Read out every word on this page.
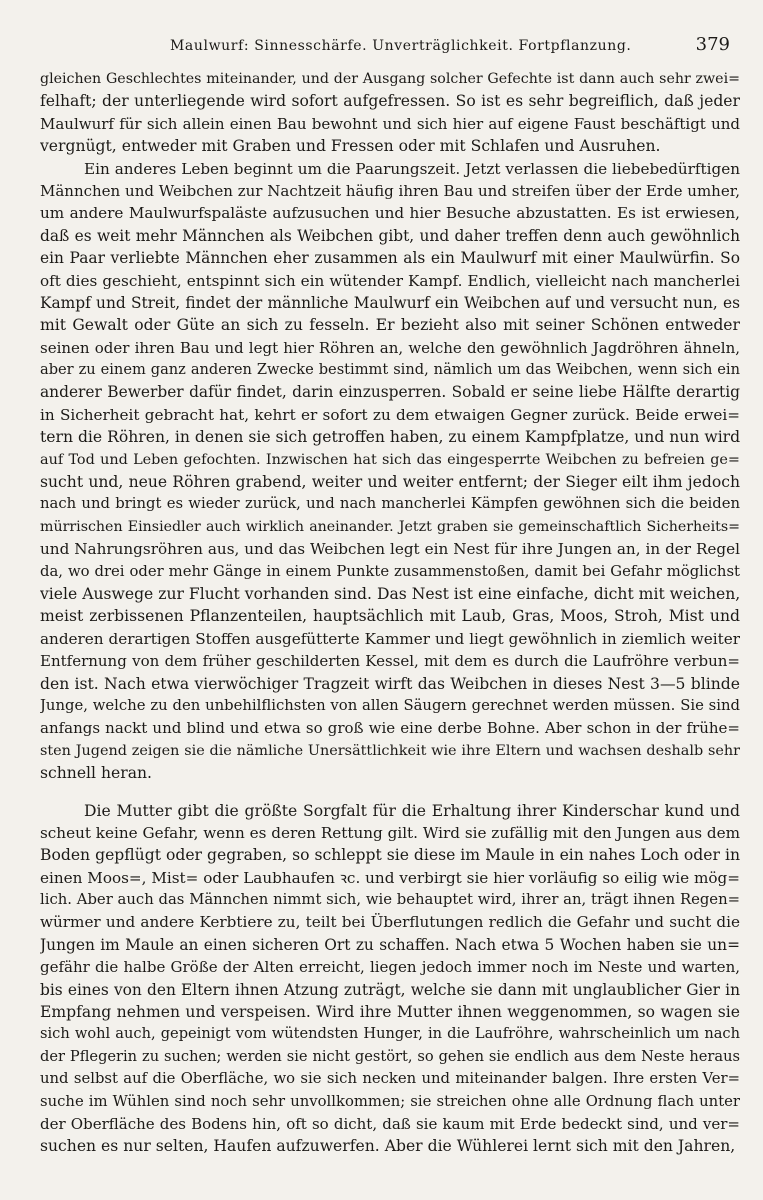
Maulwurf: Sinnesschärfe. Unverträglichkeit. Fortpflanzung.	379
gleichen Geschlechtes miteinander, und der Ausgang solcher Gefechte ist dann auch sehr zwei=
felhaft; der unterliegende wird sofort aufgefressen. So ist es sehr begreiflich, daß jeder
Maulwurf für sich allein einen Bau bewohnt und sich hier auf eigene Faust beschäftigt und
vergnügt, entweder mit Graben und Fressen oder mit Schlafen und Ausruhen.
Ein anderes Leben beginnt um die Paarungszeit. Jetzt verlassen die liebebedürftigen
Männchen und Weibchen zur Nachtzeit häufig ihren Bau und streifen über der Erde umher,
um andere Maulwurfspaläste aufzusuchen und hier Besuche abzustatten. Es ist erwiesen,
daß es weit mehr Männchen als Weibchen gibt, und daher treffen denn auch gewöhnlich
ein Paar verliebte Männchen eher zusammen als ein Maulwurf mit einer Maulwürfin. So
oft dies geschieht, entspinnt sich ein wütender Kampf. Endlich, vielleicht nach mancherlei
Kampf und Streit, findet der männliche Maulwurf ein Weibchen auf und versucht nun, es
mit Gewalt oder Güte an sich zu fesseln. Er bezieht also mit seiner Schönen entweder
seinen oder ihren Bau und legt hier Röhren an, welche den gewöhnlich Jagdröhren ähneln,
aber zu einem ganz anderen Zwecke bestimmt sind, nämlich um das Weibchen, wenn sich ein
anderer Bewerber dafür findet, darin einzusperren. Sobald er seine liebe Hälfte derartig
in Sicherheit gebracht hat, kehrt er sofort zu dem etwaigen Gegner zurück. Beide erwei=
tern die Röhren, in denen sie sich getroffen haben, zu einem Kampfplatze, und nun wird
auf Tod und Leben gefochten. Inzwischen hat sich das eingesperrte Weibchen zu befreien ge=
sucht und, neue Röhren grabend, weiter und weiter entfernt; der Sieger eilt ihm jedoch
nach und bringt es wieder zurück, und nach mancherlei Kämpfen gewöhnen sich die beiden
mürrischen Einsiedler auch wirklich aneinander. Jetzt graben sie gemeinschaftlich Sicherheits=
und Nahrungsröhren aus, und das Weibchen legt ein Nest für ihre Jungen an, in der Regel
da, wo drei oder mehr Gänge in einem Punkte zusammenstoßen, damit bei Gefahr möglichst
viele Auswege zur Flucht vorhanden sind. Das Nest ist eine einfache, dicht mit weichen,
meist zerbissenen Pflanzenteilen, hauptsächlich mit Laub, Gras, Moos, Stroh, Mist und
anderen derartigen Stoffen ausgefütterte Kammer und liegt gewöhnlich in ziemlich weiter
Entfernung von dem früher geschilderten Kessel, mit dem es durch die Laufröhre verbun=
den ist. Nach etwa vierwöchiger Tragzeit wirft das Weibchen in dieses Nest 3—5 blinde
Junge, welche zu den unbehilflichsten von allen Säugern gerechnet werden müssen. Sie sind
anfangs nackt und blind und etwa so groß wie eine derbe Bohne. Aber schon in der frühe=
sten Jugend zeigen sie die nämliche Unersättlichkeit wie ihre Eltern und wachsen deshalb sehr
schnell heran.
Die Mutter gibt die größte Sorgfalt für die Erhaltung ihrer Kinderschar kund und
scheut keine Gefahr, wenn es deren Rettung gilt. Wird sie zufällig mit den Jungen aus dem
Boden gepflügt oder gegraben, so schleppt sie diese im Maule in ein nahes Loch oder in
einen Moos=, Mist= oder Laubhaufen ꝛc. und verbirgt sie hier vorläufig so eilig wie mög=
lich. Aber auch das Männchen nimmt sich, wie behauptet wird, ihrer an, trägt ihnen Regen=
würmer und andere Kerbtiere zu, teilt bei Überflutungen redlich die Gefahr und sucht die
Jungen im Maule an einen sicheren Ort zu schaffen. Nach etwa 5 Wochen haben sie un=
gefähr die halbe Größe der Alten erreicht, liegen jedoch immer noch im Neste und warten,
bis eines von den Eltern ihnen Atzung zuträgt, welche sie dann mit unglaublicher Gier in
Empfang nehmen und verspeisen. Wird ihre Mutter ihnen weggenommen, so wagen sie
sich wohl auch, gepeinigt vom wütendsten Hunger, in die Laufröhre, wahrscheinlich um nach
der Pflegerin zu suchen; werden sie nicht gestört, so gehen sie endlich aus dem Neste heraus
und selbst auf die Oberfläche, wo sie sich necken und miteinander balgen. Ihre ersten Ver=
suche im Wühlen sind noch sehr unvollkommen; sie streichen ohne alle Ordnung flach unter
der Oberfläche des Bodens hin, oft so dicht, daß sie kaum mit Erde bedeckt sind, und ver=
suchen es nur selten, Haufen aufzuwerfen. Aber die Wühlerei lernt sich mit den Jahren,
